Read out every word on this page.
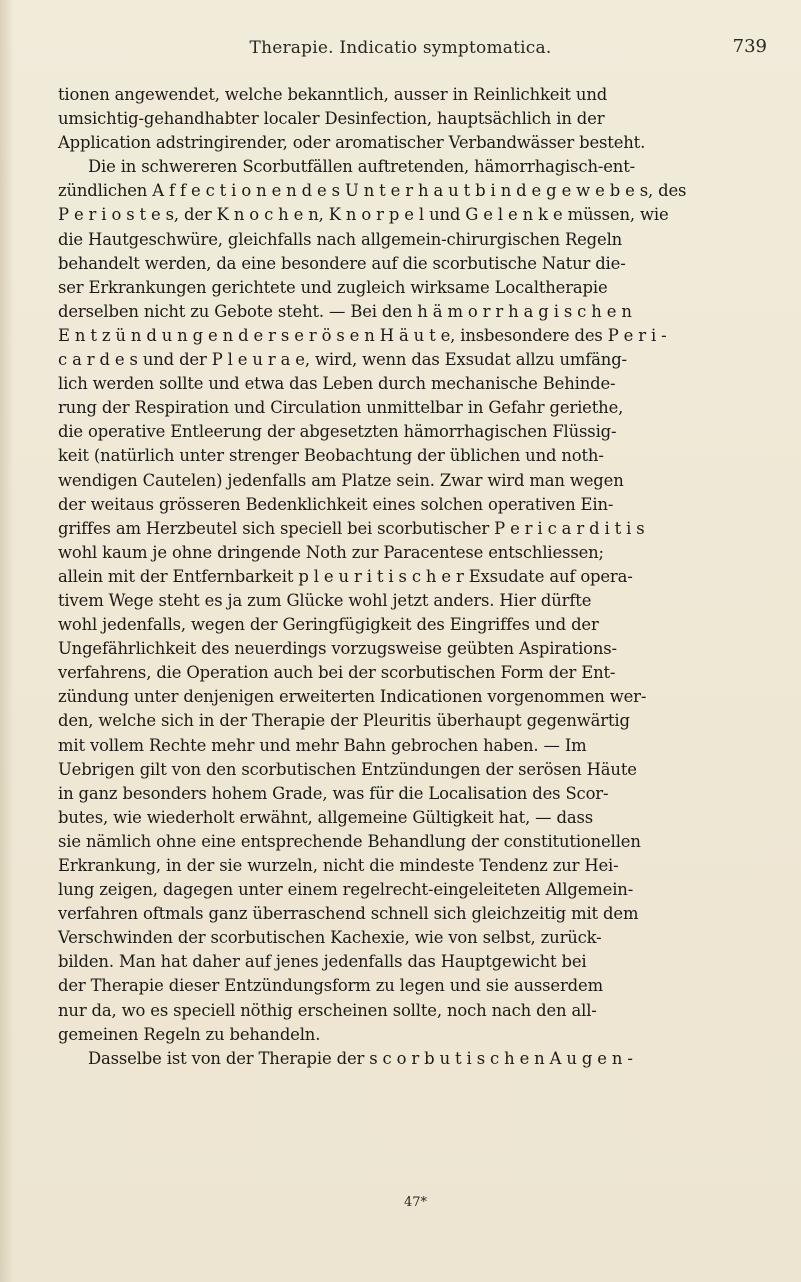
Therapie. Indicatio symptomatica.	739
tionen angewendet, welche bekanntlich, ausser in Reinlichkeit und
umsichtig-gehandhabter localer Desinfection, hauptsächlich in der
Application adstringirender, oder aromatischer Verbandwässer besteht.
Die in schwereren Scorbutfällen auftretenden, hämorrhagisch-ent-
zündlichen A f f e c t i o n e n d e s U n t e r h a u t b i n d e g e w e b e s, des
P e r i o s t e s, der K n o c h e n, K n o r p e l und G e l e n k e müssen, wie
die Hautgeschwüre, gleichfalls nach allgemein-chirurgischen Regeln
behandelt werden, da eine besondere auf die scorbutische Natur die-
ser Erkrankungen gerichtete und zugleich wirksame Localtherapie
derselben nicht zu Gebote steht. — Bei den h ä m o r r h a g i s c h e n
E n t z ü n d u n g e n d e r s e r ö s e n H ä u t e, insbesondere des P e r i -
c a r d e s und der P l e u r a e, wird, wenn das Exsudat allzu umfäng-
lich werden sollte und etwa das Leben durch mechanische Behinde-
rung der Respiration und Circulation unmittelbar in Gefahr geriethe,
die operative Entleerung der abgesetzten hämorrhagischen Flüssig-
keit (natürlich unter strenger Beobachtung der üblichen und noth-
wendigen Cautelen) jedenfalls am Platze sein. Zwar wird man wegen
der weitaus grösseren Bedenklichkeit eines solchen operativen Ein-
griffes am Herzbeutel sich speciell bei scorbutischer P e r i c a r d i t i s
wohl kaum je ohne dringende Noth zur Paracentese entschliessen;
allein mit der Entfernbarkeit p l e u r i t i s c h e r Exsudate auf opera-
tivem Wege steht es ja zum Glücke wohl jetzt anders. Hier dürfte
wohl jedenfalls, wegen der Geringfügigkeit des Eingriffes und der
Ungefährlichkeit des neuerdings vorzugsweise geübten Aspirations-
verfahrens, die Operation auch bei der scorbutischen Form der Ent-
zündung unter denjenigen erweiterten Indicationen vorgenommen wer-
den, welche sich in der Therapie der Pleuritis überhaupt gegenwärtig
mit vollem Rechte mehr und mehr Bahn gebrochen haben. — Im
Uebrigen gilt von den scorbutischen Entzündungen der serösen Häute
in ganz besonders hohem Grade, was für die Localisation des Scor-
butes, wie wiederholt erwähnt, allgemeine Gültigkeit hat, — dass
sie nämlich ohne eine entsprechende Behandlung der constitutionellen
Erkrankung, in der sie wurzeln, nicht die mindeste Tendenz zur Hei-
lung zeigen, dagegen unter einem regelrecht-eingeleiteten Allgemein-
verfahren oftmals ganz überraschend schnell sich gleichzeitig mit dem
Verschwinden der scorbutischen Kachexie, wie von selbst, zurück-
bilden. Man hat daher auf jenes jedenfalls das Hauptgewicht bei
der Therapie dieser Entzündungsform zu legen und sie ausserdem
nur da, wo es speciell nöthig erscheinen sollte, noch nach den all-
gemeinen Regeln zu behandeln.
Dasselbe ist von der Therapie der s c o r b u t i s c h e n A u g e n -
47*
